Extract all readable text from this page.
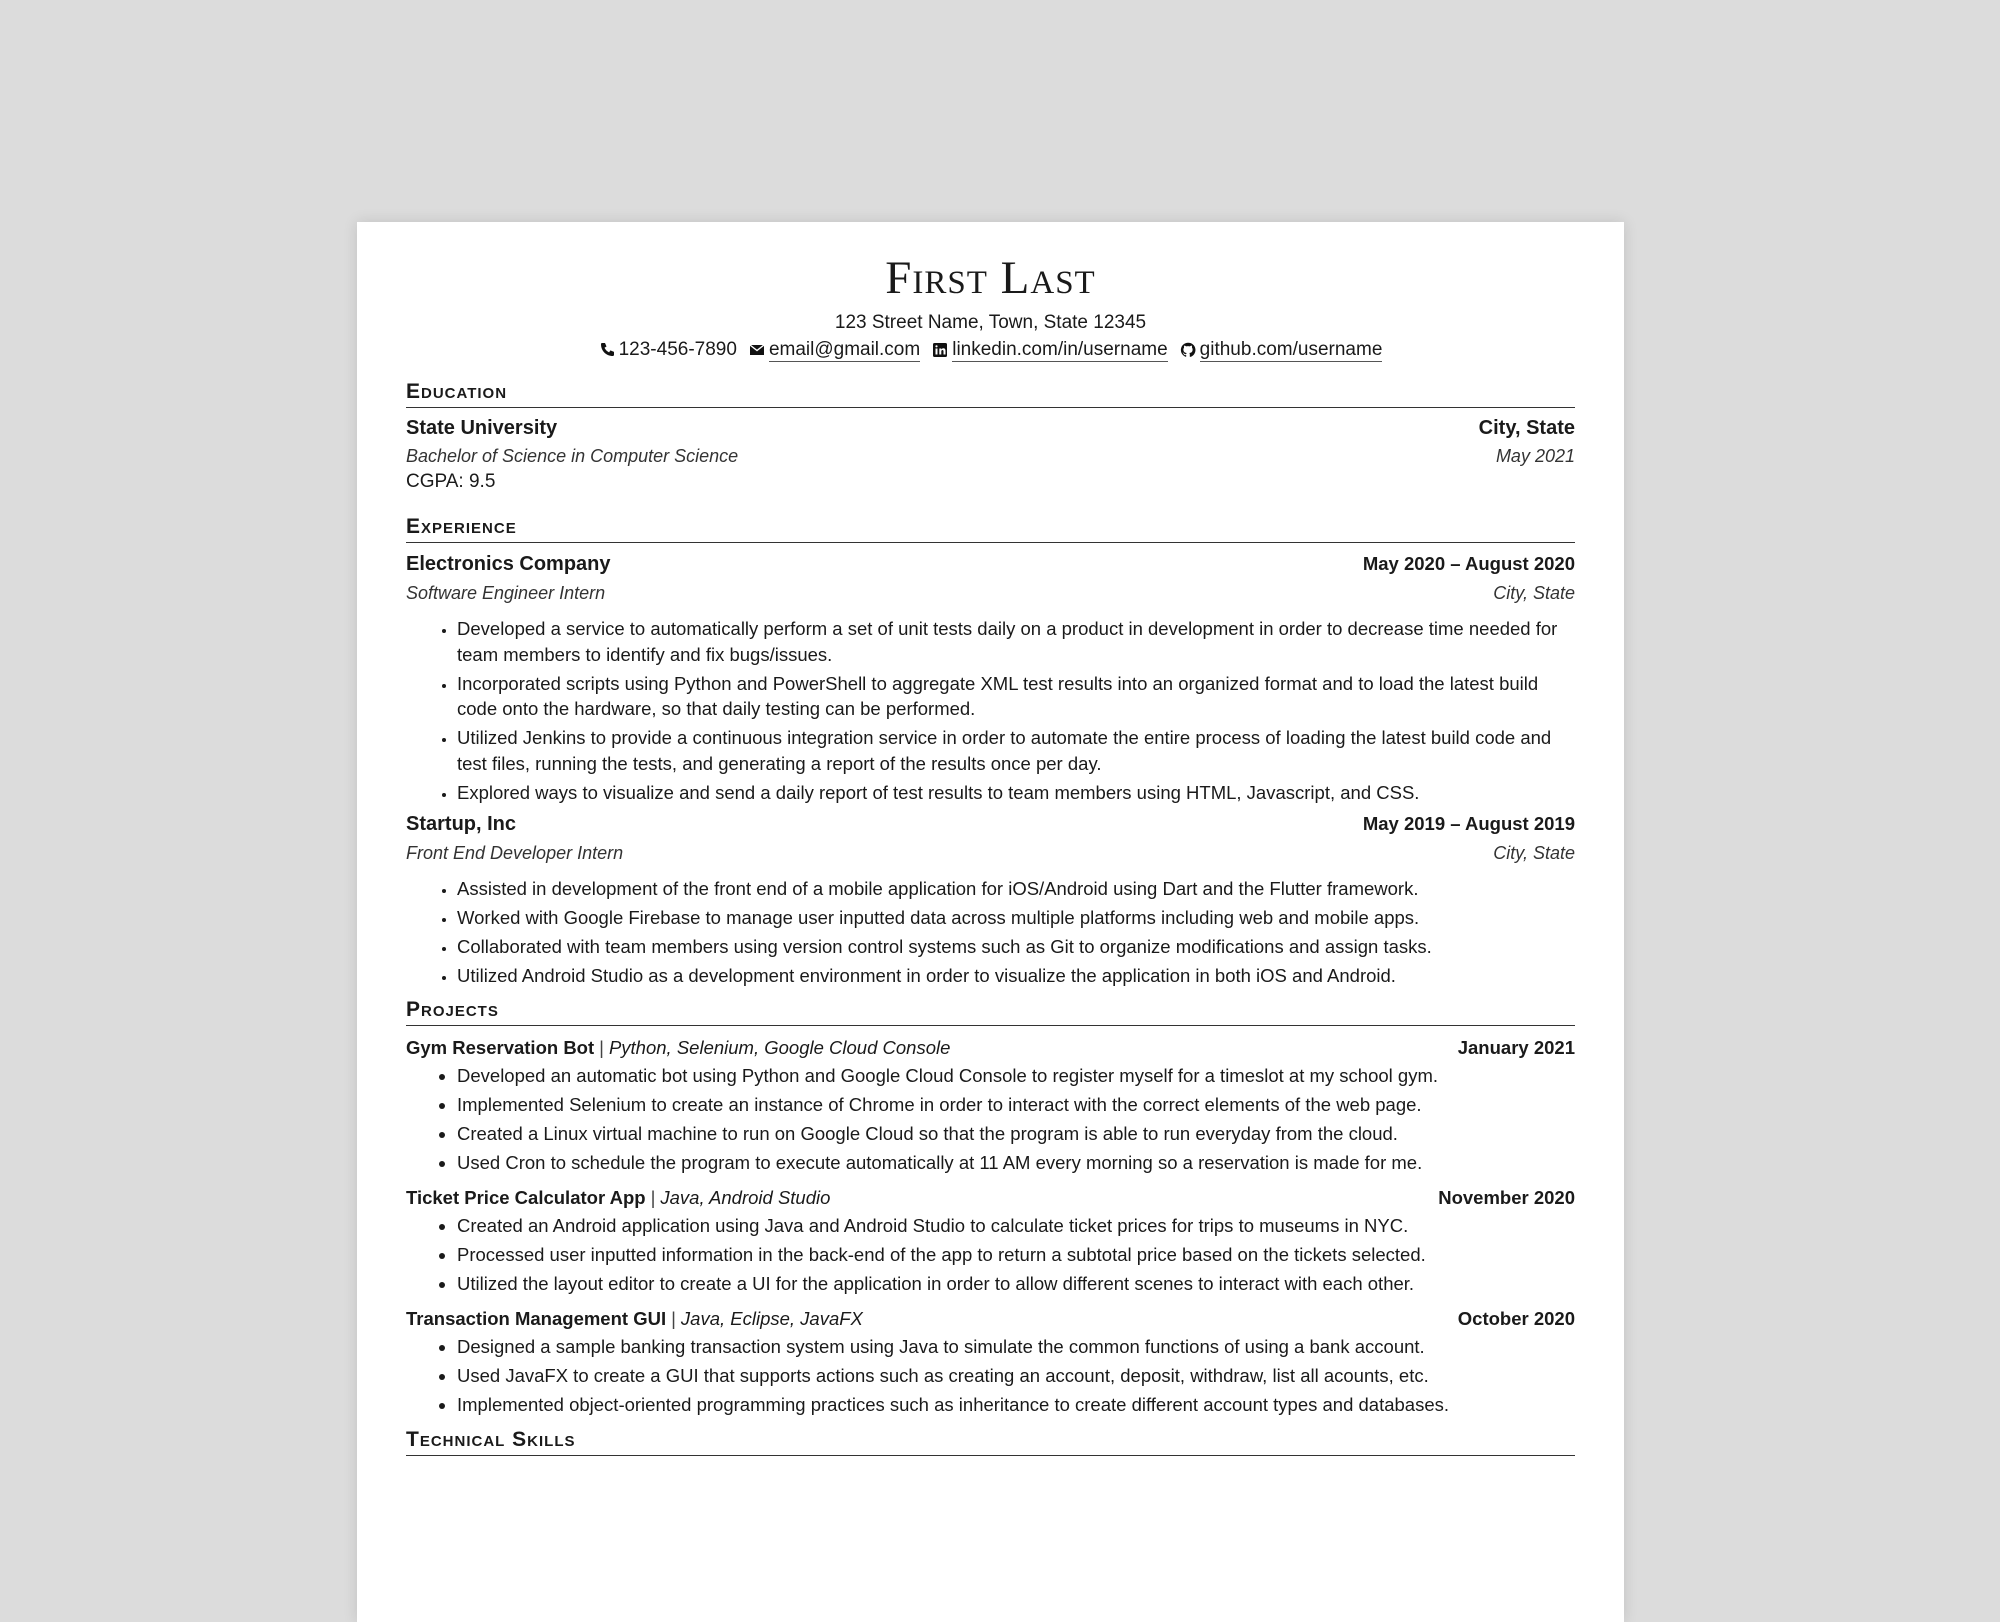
First Last
123 Street Name, Town, State 12345
123-456-7890 email@gmail.com linkedin.com/in/username github.com/username
Education
State University	City, State
Bachelor of Science in Computer Science	May 2021
CGPA: 9.5
Experience
Electronics Company	May 2020 – August 2020
Software Engineer Intern	City, State
• Developed a service to automatically perform a set of unit tests daily on a product in development in order to decrease time needed for team members to identify and fix bugs/issues.
• Incorporated scripts using Python and PowerShell to aggregate XML test results into an organized format and to load the latest build code onto the hardware, so that daily testing can be performed.
• Utilized Jenkins to provide a continuous integration service in order to automate the entire process of loading the latest build code and test files, running the tests, and generating a report of the results once per day.
• Explored ways to visualize and send a daily report of test results to team members using HTML, Javascript, and CSS.
Startup, Inc	May 2019 – August 2019
Front End Developer Intern	City, State
• Assisted in development of the front end of a mobile application for iOS/Android using Dart and the Flutter framework.
• Worked with Google Firebase to manage user inputted data across multiple platforms including web and mobile apps.
• Collaborated with team members using version control systems such as Git to organize modifications and assign tasks.
• Utilized Android Studio as a development environment in order to visualize the application in both iOS and Android.
Projects
Gym Reservation Bot | Python, Selenium, Google Cloud Console	January 2021
• Developed an automatic bot using Python and Google Cloud Console to register myself for a timeslot at my school gym.
• Implemented Selenium to create an instance of Chrome in order to interact with the correct elements of the web page.
• Created a Linux virtual machine to run on Google Cloud so that the program is able to run everyday from the cloud.
• Used Cron to schedule the program to execute automatically at 11 AM every morning so a reservation is made for me.
Ticket Price Calculator App | Java, Android Studio	November 2020
• Created an Android application using Java and Android Studio to calculate ticket prices for trips to museums in NYC.
• Processed user inputted information in the back-end of the app to return a subtotal price based on the tickets selected.
• Utilized the layout editor to create a UI for the application in order to allow different scenes to interact with each other.
Transaction Management GUI | Java, Eclipse, JavaFX	October 2020
• Designed a sample banking transaction system using Java to simulate the common functions of using a bank account.
• Used JavaFX to create a GUI that supports actions such as creating an account, deposit, withdraw, list all acounts, etc.
• Implemented object-oriented programming practices such as inheritance to create different account types and databases.
Technical Skills
